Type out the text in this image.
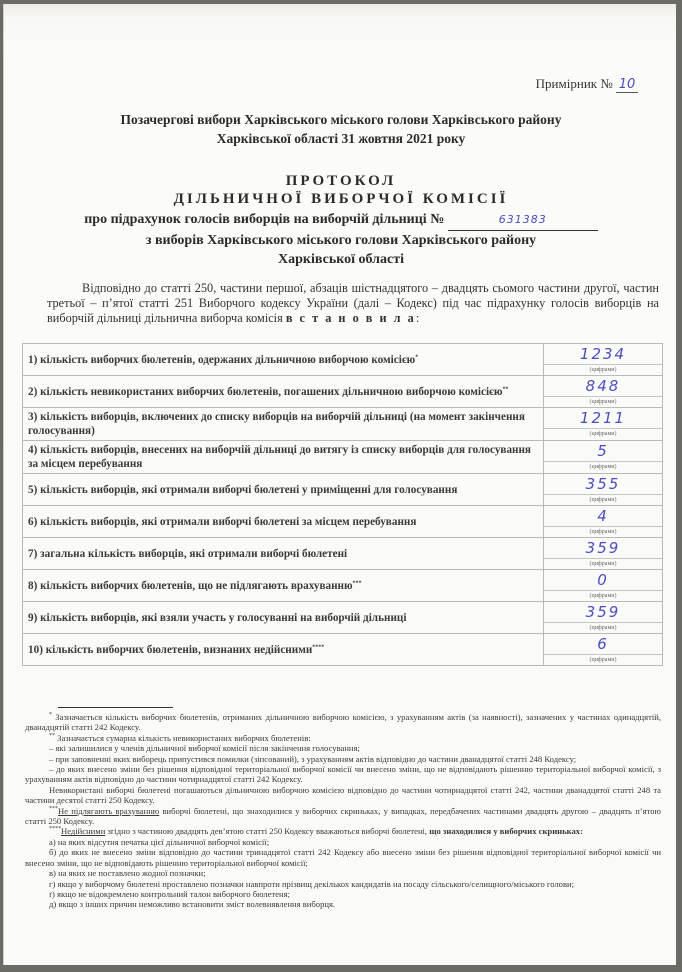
Примірник № 10
Позачергові вибори Харківського міського голови Харківського району
Харківської області 31 жовтня 2021 року
ПРОТОКОЛ
ДІЛЬНИЧНОЇ ВИБОРЧОЇ КОМІСІЇ
про підрахунок голосів виборців на виборчій дільниці №	631383
з виборів Харківського міського голови Харківського району
Харківської області
Відповідно до статті 250, частини першої, абзаців шістнадцятого – двадцять сьомого частини другої, частин третьої – п’ятої статті 251 Виборчого кодексу України (далі – Кодекс) під час підрахунку голосів виборців на виборчій дільниці дільнична виборча комісія в с т а н о в и л а:
1) кількість виборчих бюлетенів, одержаних дільничною виборчою комісією*	1234
(цифрами)

2) кількість невикористаних виборчих бюлетенів, погашених дільничною виборчою комісією**	848
(цифрами)

3) кількість виборців, включених до списку виборців на виборчій дільниці (на момент закінчення голосування)	1211
(цифрами)

4) кількість виборців, внесених на виборчій дільниці до витягу із списку виборців для голосування за місцем перебування	5
(цифрами)

5) кількість виборців, які отримали виборчі бюлетені у приміщенні для голосування	355
(цифрами)

6) кількість виборців, які отримали виборчі бюлетені за місцем перебування	4
(цифрами)

7) загальна кількість виборців, які отримали виборчі бюлетені	359
(цифрами)

8) кількість виборчих бюлетенів, що не підлягають врахуванню***	0
(цифрами)

9) кількість виборців, які взяли участь у голосуванні на виборчій дільниці	359
(цифрами)

10) кількість виборчих бюлетенів, визнаних недійсними****	6
(цифрами)

* Зазначається кількість виборчих бюлетенів, отриманих дільничною виборчою комісією, з урахуванням актів (за наявності), зазначених у частинах одинадцятій, дванадцятій статті 242 Кодексу.

** Зазначається сумарна кількість невикористаних виборчих бюлетенів:

– які залишилися у членів дільничної виборчої комісії після закінчення голосування;

– при заповненні яких виборець припустився помилки (зіпсований), з урахуванням актів відповідно до частини дванадцятої статті 248 Кодексу;

– до яких внесено зміни без рішення відповідної територіальної виборчої комісії чи внесено зміни, що не відповідають рішенню територіальної виборчої комісії, з урахуванням актів відповідно до частини чотирнадцятої статті 242 Кодексу.

Невикористані виборчі бюлетені погашаються дільничною виборчою комісією відповідно до частини чотирнадцятої статті 242, частини дванадцятої статті 248 та частини десятої статті 250 Кодексу.

***Не підлягають врахуванню виборчі бюлетені, що знаходилися у виборчих скриньках, у випадках, передбачених частинами двадцять другою – двадцять п’ятою статті 250 Кодексу.

****Недійсними згідно з частиною двадцять дев’ятою статті 250 Кодексу вважаються виборчі бюлетені, що знаходилися у виборчих скриньках:

а) на яких відсутня печатка цієї дільничної виборчої комісії;

б) до яких не внесено зміни відповідно до частини тринадцятої статті 242 Кодексу або внесено зміни без рішення відповідної територіальної виборчої комісії чи внесено зміни, що не відповідають рішенню територіальної виборчої комісії;

в) на яких не поставлено жодної позначки;

г) якщо у виборчому бюлетені проставлено позначки навпроти прізвищ декількох кандидатів на посаду сільського/селищного/міського голови;

ґ) якщо не відокремлено контрольний талон виборчого бюлетеня;

д) якщо з інших причин неможливо встановити зміст волевиявлення виборця.
